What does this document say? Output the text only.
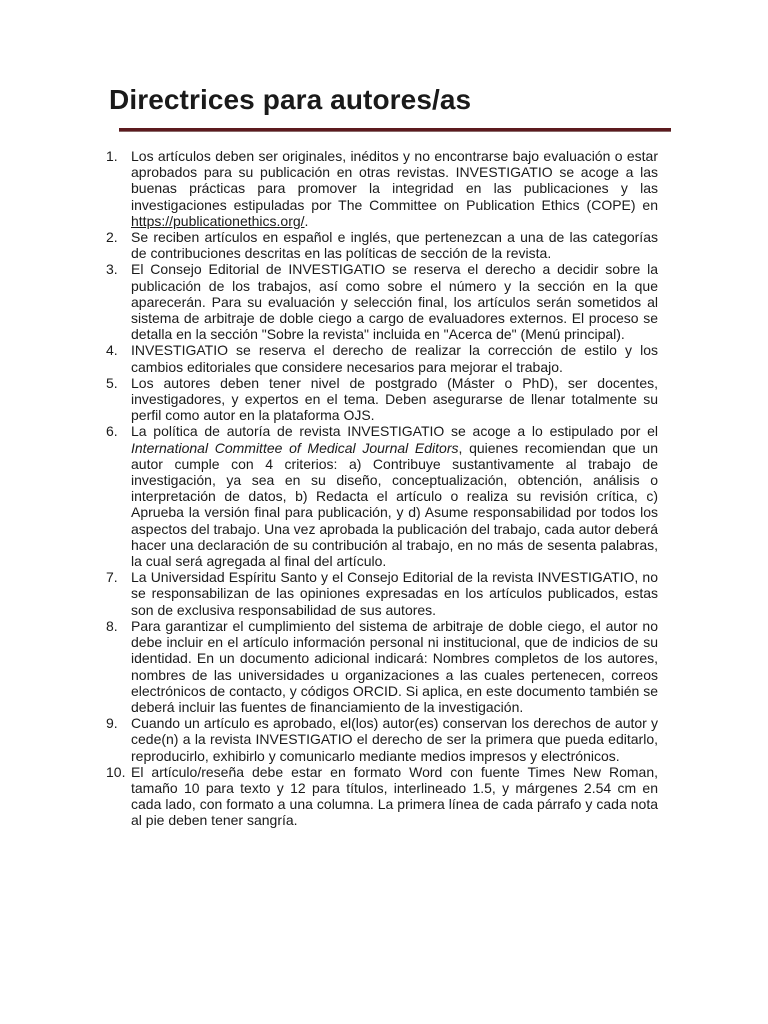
Directrices para autores/as
1. Los artículos deben ser originales, inéditos y no encontrarse bajo evaluación o estar aprobados para su publicación en otras revistas. INVESTIGATIO se acoge a las buenas prácticas para promover la integridad en las publicaciones y las investigaciones estipuladas por The Committee on Publication Ethics (COPE) en https://publicationethics.org/.
2. Se reciben artículos en español e inglés, que pertenezcan a una de las categorías de contribuciones descritas en las políticas de sección de la revista.
3. El Consejo Editorial de INVESTIGATIO se reserva el derecho a decidir sobre la publicación de los trabajos, así como sobre el número y la sección en la que aparecerán. Para su evaluación y selección final, los artículos serán sometidos al sistema de arbitraje de doble ciego a cargo de evaluadores externos. El proceso se detalla en la sección "Sobre la revista" incluida en "Acerca de" (Menú principal).
4. INVESTIGATIO se reserva el derecho de realizar la corrección de estilo y los cambios editoriales que considere necesarios para mejorar el trabajo.
5. Los autores deben tener nivel de postgrado (Máster o PhD), ser docentes, investigadores, y expertos en el tema. Deben asegurarse de llenar totalmente su perfil como autor en la plataforma OJS.
6. La política de autoría de revista INVESTIGATIO se acoge a lo estipulado por el International Committee of Medical Journal Editors, quienes recomiendan que un autor cumple con 4 criterios: a) Contribuye sustantivamente al trabajo de investigación, ya sea en su diseño, conceptualización, obtención, análisis o interpretación de datos, b) Redacta el artículo o realiza su revisión crítica, c) Aprueba la versión final para publicación, y d) Asume responsabilidad por todos los aspectos del trabajo. Una vez aprobada la publicación del trabajo, cada autor deberá hacer una declaración de su contribución al trabajo, en no más de sesenta palabras, la cual será agregada al final del artículo.
7. La Universidad Espíritu Santo y el Consejo Editorial de la revista INVESTIGATIO, no se responsabilizan de las opiniones expresadas en los artículos publicados, estas son de exclusiva responsabilidad de sus autores.
8. Para garantizar el cumplimiento del sistema de arbitraje de doble ciego, el autor no debe incluir en el artículo información personal ni institucional, que de indicios de su identidad. En un documento adicional indicará: Nombres completos de los autores, nombres de las universidades u organizaciones a las cuales pertenecen, correos electrónicos de contacto, y códigos ORCID. Si aplica, en este documento también se deberá incluir las fuentes de financiamiento de la investigación.
9. Cuando un artículo es aprobado, el(los) autor(es) conservan los derechos de autor y cede(n) a la revista INVESTIGATIO el derecho de ser la primera que pueda editarlo, reproducirlo, exhibirlo y comunicarlo mediante medios impresos y electrónicos.
10. El artículo/reseña debe estar en formato Word con fuente Times New Roman, tamaño 10 para texto y 12 para títulos, interlineado 1.5, y márgenes 2.54 cm en cada lado, con formato a una columna. La primera línea de cada párrafo y cada nota al pie deben tener sangría.
